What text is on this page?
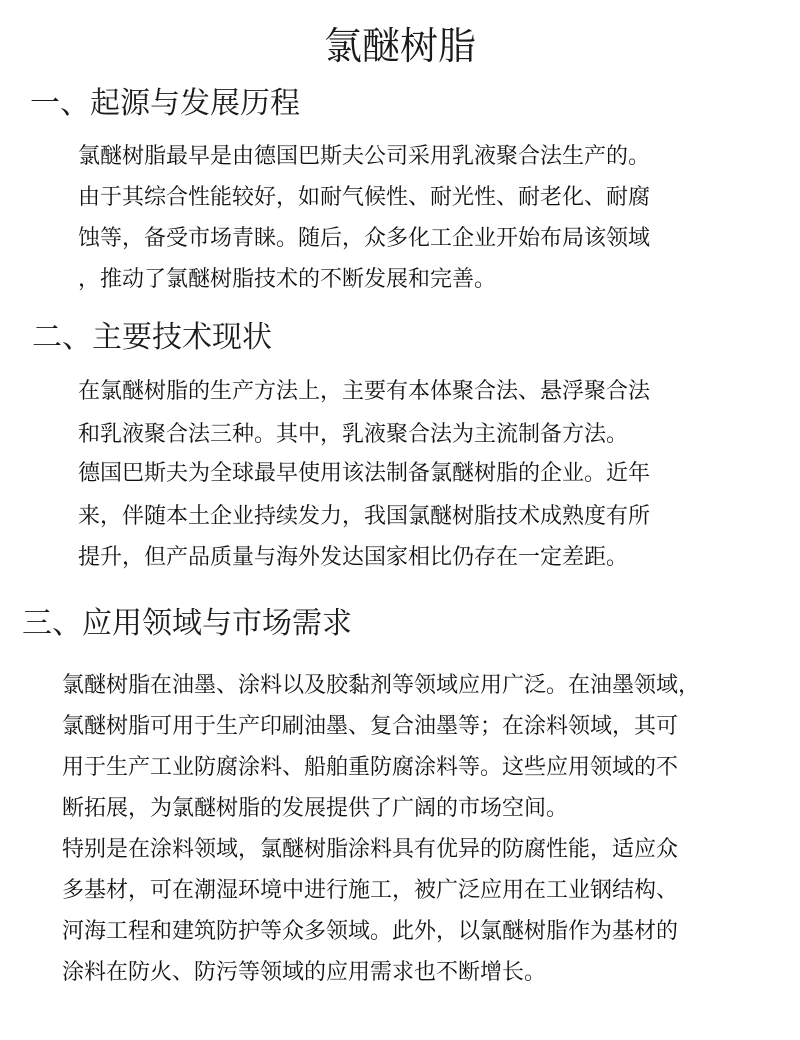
氯醚树脂
一、起源与发展历程
氯醚树脂最早是由德国巴斯夫公司采用乳液聚合法生产的。
由于其综合性能较好，如耐气候性、耐光性、耐老化、耐腐
蚀等，备受市场青睐。随后，众多化工企业开始布局该领域
，推动了氯醚树脂技术的不断发展和完善。
二、主要技术现状
在氯醚树脂的生产方法上，主要有本体聚合法、悬浮聚合法
和乳液聚合法三种。其中，乳液聚合法为主流制备方法。
德国巴斯夫为全球最早使用该法制备氯醚树脂的企业。近年
来，伴随本土企业持续发力，我国氯醚树脂技术成熟度有所
提升，但产品质量与海外发达国家相比仍存在一定差距。
三、应用领域与市场需求
氯醚树脂在油墨、涂料以及胶黏剂等领域应用广泛。在油墨领域，
氯醚树脂可用于生产印刷油墨、复合油墨等；在涂料领域，其可
用于生产工业防腐涂料、船舶重防腐涂料等。这些应用领域的不
断拓展，为氯醚树脂的发展提供了广阔的市场空间。
特别是在涂料领域，氯醚树脂涂料具有优异的防腐性能，适应众
多基材，可在潮湿环境中进行施工，被广泛应用在工业钢结构、
河海工程和建筑防护等众多领域。此外，以氯醚树脂作为基材的
涂料在防火、防污等领域的应用需求也不断增长。
